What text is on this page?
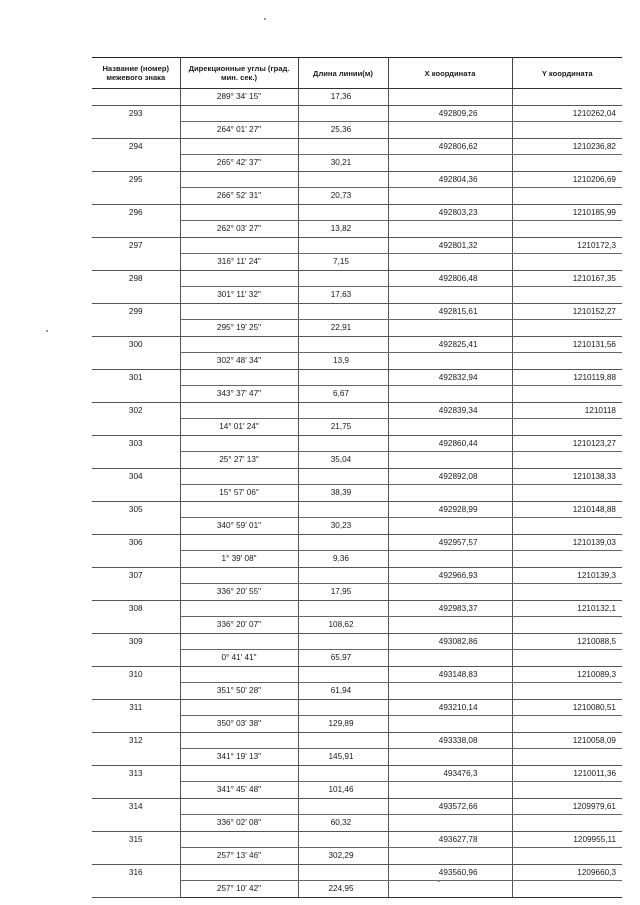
Название (номер) межевого знака	Дирекционные углы (град. мин. сек.)	Длина линии(м)	X координата	Y координата
	289° 34' 15"	17,36		
293			492809,26	1210262,04
	264° 01' 27"	25,36		
294			492806,62	1210236,82
	265° 42' 37"	30,21		
295			492804,36	1210206,69
	266° 52' 31"	20,73		
296			492803,23	1210185,99
	262° 03' 27"	13,82		
297			492801,32	1210172,3
	316° 11' 24"	7,15		
298			492806,48	1210167,35
	301° 11' 32"	17,63		
299			492815,61	1210152,27
	295° 19' 25"	22,91		
300			492825,41	1210131,56
	302° 48' 34"	13,9		
301			492832,94	1210119,88
	343° 37' 47"	6,67		
302			492839,34	1210118
	14° 01' 24"	21,75		
303			492860,44	1210123,27
	25° 27' 13"	35,04		
304			492892,08	1210138,33
	15° 57' 06"	38,39		
305			492928,99	1210148,88
	340° 59' 01"	30,23		
306			492957,57	1210139,03
	1° 39' 08"	9,36		
307			492966,93	1210139,3
	336° 20' 55"	17,95		
308			492983,37	1210132,1
	336° 20' 07"	108,62		
309			493082,86	1210088,5
	0° 41' 41"	65,97		
310			493148,83	1210089,3
	351° 50' 28"	61,94		
311			493210,14	1210080,51
	350° 03' 38"	129,89		
312			493338,08	1210058,09
	341° 19' 13"	145,91		
313			493476,3	1210011,36
	341° 45' 48"	101,46		
314			493572,66	1209979,61
	336° 02' 08"	60,32		
315			493627,78	1209955,11
	257° 13' 46"	302,29		
316			493560,96	1209660,3
	257° 10' 42"	224,95		
